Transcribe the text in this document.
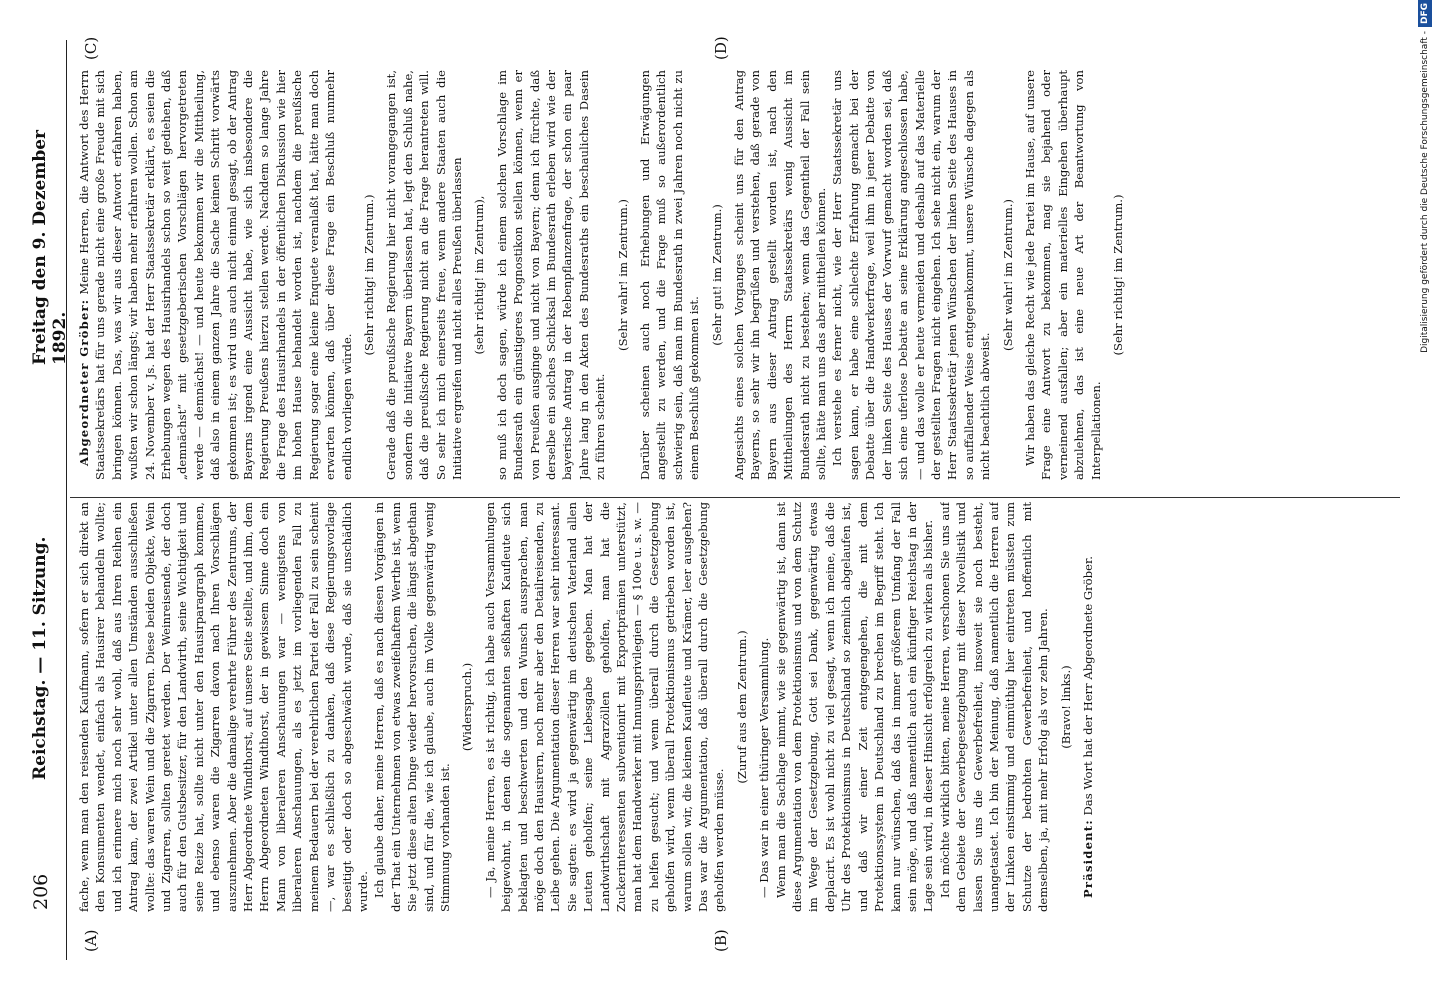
206
Reichstag. — 11. Sitzung.
Freitag den 9. Dezember 1892.
(A)	(B)
(C)	(D)

fache, wenn man den reisenden Kaufmann, sofern er sich direkt an den Konsumenten wendet, einfach als Hausirer behandeln wollte; und ich erinnere mich noch sehr wohl, daß aus Ihren Reihen ein Antrag kam, der zwei Artikel unter allen Umständen ausschließen wollte: das waren Wein und die Zigarren. Diese beiden Objekte, Wein und Zigarren, sollten geretet werden. Der Weinreisende, der doch auch für den Gutsbesitzer, für den Landwirth, seine Wichtigkeit und seine Reize hat, sollte nicht unter den Hausirparagraph kommen, und ebenso waren die Zigarren davon nach Ihren Vorschlägen auszunehmen. Aber die damalige verehrte Führer des Zentrums, der Herr Abgeordnete Windthorst, auf unsere Seite stellte, und ihm, dem Herrn Abgeordneten Windthorst, der in gewissem Sinne doch ein Mann von liberaleren Anschauungen war — wenigstens von liberaleren Anschauungen, als es jetzt im vorliegenden Fall zu meinem Bedauern bei der verehrlichen Partei der Fall zu sein scheint —, war es schließlich zu danken, daß diese Regierungsvorlage beseitigt oder doch so abgeschwächt wurde, daß sie unschädlich wurde. Ich glaube daher, meine Herren, daß es nach diesen Vorgängen in der That ein Unternehmen von etwas zweifelhaftem Werthe ist, wenn Sie jetzt diese alten Dinge wieder hervorsuchen, die längst abgethan sind, und für die, wie ich glaube, auch im Volke gegenwärtig wenig Stimmung vorhanden ist.

(Widerspruch.) — Ja, meine Herren, es ist richtig, ich habe auch Versammlungen beigewohnt, in denen die sogenannten seßhaften Kaufleute sich beklagten und beschwerten und den Wunsch aussprachen, man möge doch den Hausirern, noch mehr aber den Detailreisenden, zu Leibe gehen. Die Argumentation dieser Herren war sehr interessant. Sie sagten: es wird ja gegenwärtig im deutschen Vaterland allen Leuten geholfen; seine Liebesgabe gegeben. Man hat der Landwirthschaft mit Agrarzöllen geholfen, man hat die Zuckerinteressenten subventionirt mit Exportprämien unterstützt, man hat dem Handwerker mit Innungsprivilegien — § 100e u. s. w. — zu helfen gesucht; und wenn überall durch die Gesetzgebung geholfen wird, wenn überall Protektionismus getrieben worden ist, warum sollen wir, die kleinen Kaufleute und Krämer, leer ausgehen? Das war die Argumentation, daß überall durch die Gesetzgebung geholfen werden müsse.

(Zuruf aus dem Zentrum.) — Das war in einer thüringer Versammlung. Wenn man die Sachlage nimmt, wie sie gegenwärtig ist, dann ist diese Argumentation von dem Protektionismus und von dem Schutz im Wege der Gesetzgebung, Gott sei Dank, gegenwärtig etwas deplacirt. Es ist wohl nicht zu viel gesagt, wenn ich meine, daß die Uhr des Protektionismus in Deutschland so ziemlich abgelaufen ist, und daß wir einer Zeit entgegengehen, die mit dem Protektionssystem in Deutschland zu brechen im Begriff steht. Ich kann nur wünschen, daß das in immer größerem Umfang der Fall sein möge, und daß namentlich auch ein künftiger Reichstag in der Lage sein wird, in dieser Hinsicht erfolgreich zu wirken als bisher. Ich möchte wirklich bitten, meine Herren, verschonen Sie uns auf dem Gebiete der Gewerbegesetzgebung mit dieser Novellistik und lassen Sie uns die Gewerbefreiheit, insoweit sie noch besteht, unangetastet. Ich bin der Meinung, daß namentlich die Herren auf der Linken einstimmig und einmüthig hier eintreten müssten zum Schutze der bedrohten Gewerbefreiheit, und hoffentlich mit demselben, ja, mit mehr Erfolg als vor zehn Jahren. (Bravo! links.)

Präsident: Das Wort hat der Herr Abgeordnete Gröber.

Abgeordneter Gröber: Meine Herren, die Antwort des Herrn Staatssekretärs hat für uns gerade nicht eine große Freude mit sich bringen können. Das, was wir aus dieser Antwort erfahren haben, wußten wir schon längst; wir haben mehr erfahren wollen. Schon am 24. November v. Js. hat der Herr Staatssekretär erklärt, es seien die Erhebungen wegen des Hausirhandels schon so weit gediehen, daß „demnächst“ mit gesetzgeberischen Vorschlägen hervorgetreten werde — demnächst! — und heute bekommen wir die Mittheilung, daß also in einem ganzen Jahre die Sache keinen Schritt vorwärts gekommen ist; es wird uns auch nicht einmal gesagt, ob der Antrag Bayerns irgend eine Aussicht habe, wie sich insbesondere die Regierung Preußens hierzu stellen werde. Nachdem so lange Jahre die Frage des Hausirhandels in der öffentlichen Diskussion wie hier im hohen Hause behandelt worden ist, nachdem die preußische Regierung sogar eine kleine Enquete veranlaßt hat, hätte man doch erwarten können, daß über diese Frage ein Beschluß nunmehr endlich vorliegen würde.

(Sehr richtig! im Zentrum.) Gerade daß die preußische Regierung hier nicht vorangegangen ist, sondern die Initiative Bayern überlassen hat, legt den Schluß nahe, daß die preußische Regierung nicht an die Frage herantreten will. So sehr ich mich einerseits freue, wenn andere Staaten auch die Initiative ergreifen und nicht alles Preußen überlassen (sehr richtig! im Zentrum), so muß ich doch sagen, würde ich einem solchen Vorschlage im Bundesrath ein günstigeres Prognostikon stellen können, wenn er von Preußen ausginge und nicht von Bayern; denn ich fürchte, daß derselbe ein solches Schicksal im Bundesrath erleben wird wie der bayerische Antrag in der Rebenpflanzenfrage, der schon ein paar Jahre lang in den Akten des Bundesraths ein beschauliches Dasein zu führen scheint.

(Sehr wahr! im Zentrum.) Darüber scheinen auch noch Erhebungen und Erwägungen angestellt zu werden, und die Frage muß so außerordentlich schwierig sein, daß man im Bundesrath in zwei Jahren noch nicht zu einem Beschluß gekommen ist.

(Sehr gut! im Zentrum.) Angesichts eines solchen Vorganges scheint uns für den Antrag Bayerns, so sehr wir ihn begrüßen und verstehen, daß gerade von Bayern aus dieser Antrag gestellt worden ist, nach den Mittheilungen des Herrn Staatssekretärs wenig Aussicht im Bundesrath nicht zu bestehen; wenn das Gegentheil der Fall sein sollte, hätte man uns das aber mittheilen können. Ich verstehe es ferner nicht, wie der Herr Staatssekretär uns sagen kann, er habe eine schlechte Erfahrung gemacht bei der Debatte über die Handwerkerfrage, weil ihm in jener Debatte von der linken Seite des Hauses der Vorwurf gemacht worden sei, daß sich eine uferlose Debatte an seine Erklärung angeschlossen habe, — und das wolle er heute vermeiden und deshalb auf das Materielle der gestellten Fragen nicht eingehen. Ich sehe nicht ein, warum der Herr Staatssekretär jenen Wünschen der linken Seite des Hauses in so auffallender Weise entgegenkommt, unsere Wünsche dagegen als nicht beachtlich abweist.

(Sehr wahr! im Zentrum.) Wir haben das gleiche Recht wie jede Partei im Hause, auf unsere Frage eine Antwort zu bekommen, mag sie bejahend oder verneinend ausfallen; aber ein materielles Eingehen überhaupt abzulehnen, das ist eine neue Art der Beantwortung von Interpellationen.

(Sehr richtig! im Zentrum.)	Digitalisierung gefördert durch die Deutsche Forschungsgemeinschaft -DFG
